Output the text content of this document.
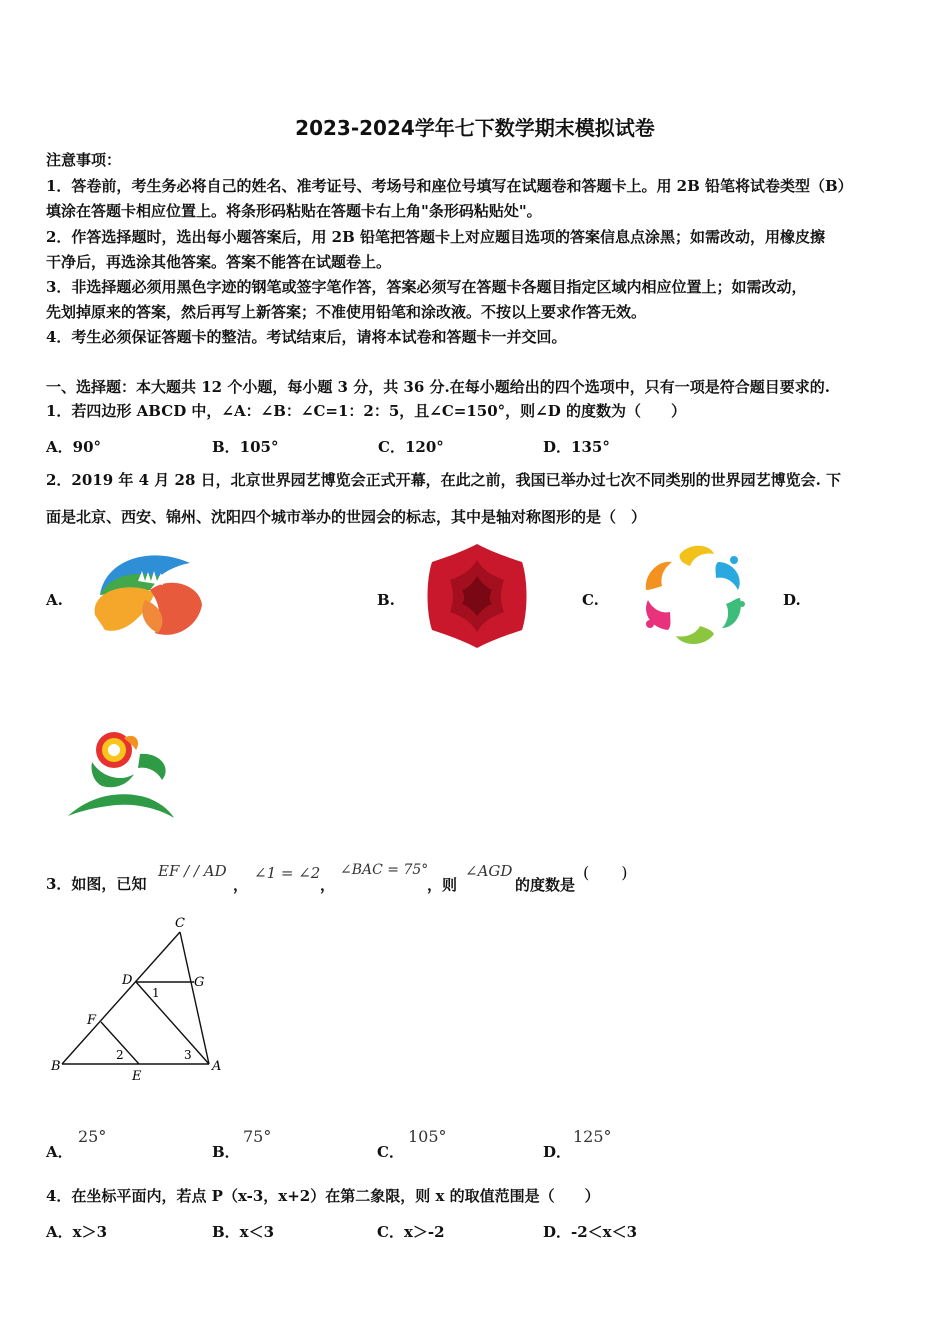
2023-2024学年七下数学期末模拟试卷
注意事项：
1．答卷前，考生务必将自己的姓名、准考证号、考场号和座位号填写在试题卷和答题卡上。用 2B 铅笔将试卷类型（B）
填涂在答题卡相应位置上。将条形码粘贴在答题卡右上角"条形码粘贴处"。
2．作答选择题时，选出每小题答案后，用 2B 铅笔把答题卡上对应题目选项的答案信息点涂黑；如需改动，用橡皮擦
干净后，再选涂其他答案。答案不能答在试题卷上。
3．非选择题必须用黑色字迹的钢笔或签字笔作答，答案必须写在答题卡各题目指定区域内相应位置上；如需改动，
先划掉原来的答案，然后再写上新答案；不准使用铅笔和涂改液。不按以上要求作答无效。
4．考生必须保证答题卡的整洁。考试结束后，请将本试卷和答题卡一并交回。
一、选择题：本大题共 12 个小题，每小题 3 分，共 36 分.在每小题给出的四个选项中，只有一项是符合题目要求的.
1．若四边形 ABCD 中，∠A：∠B：∠C=1：2：5，且∠C=150°，则∠D 的度数为（　　）
A．90°	B．105°	C．120°	D．135°
2．2019 年 4 月 28 日，北京世界园艺博览会正式开幕，在此之前，我国已举办过七次不同类别的世界园艺博览会. 下
面是北京、西安、锦州、沈阳四个城市举办的世园会的标志，其中是轴对称图形的是（　）
A.	B.	C.	D.
3．如图，已知
EF / / AD
，
∠1 = ∠2
，
∠BAC = 75°
，则
∠AGD
的度数是
(　　)
C
D	G
F
B
E
A
1
2	3
A．
25°
B．
75°
C．
105°
D．
125°
4．在坐标平面内，若点 P（x-3，x+2）在第二象限，则 x 的取值范围是（　　）
A．x＞3	B．x＜3	C．x＞-2	D．-2＜x＜3
